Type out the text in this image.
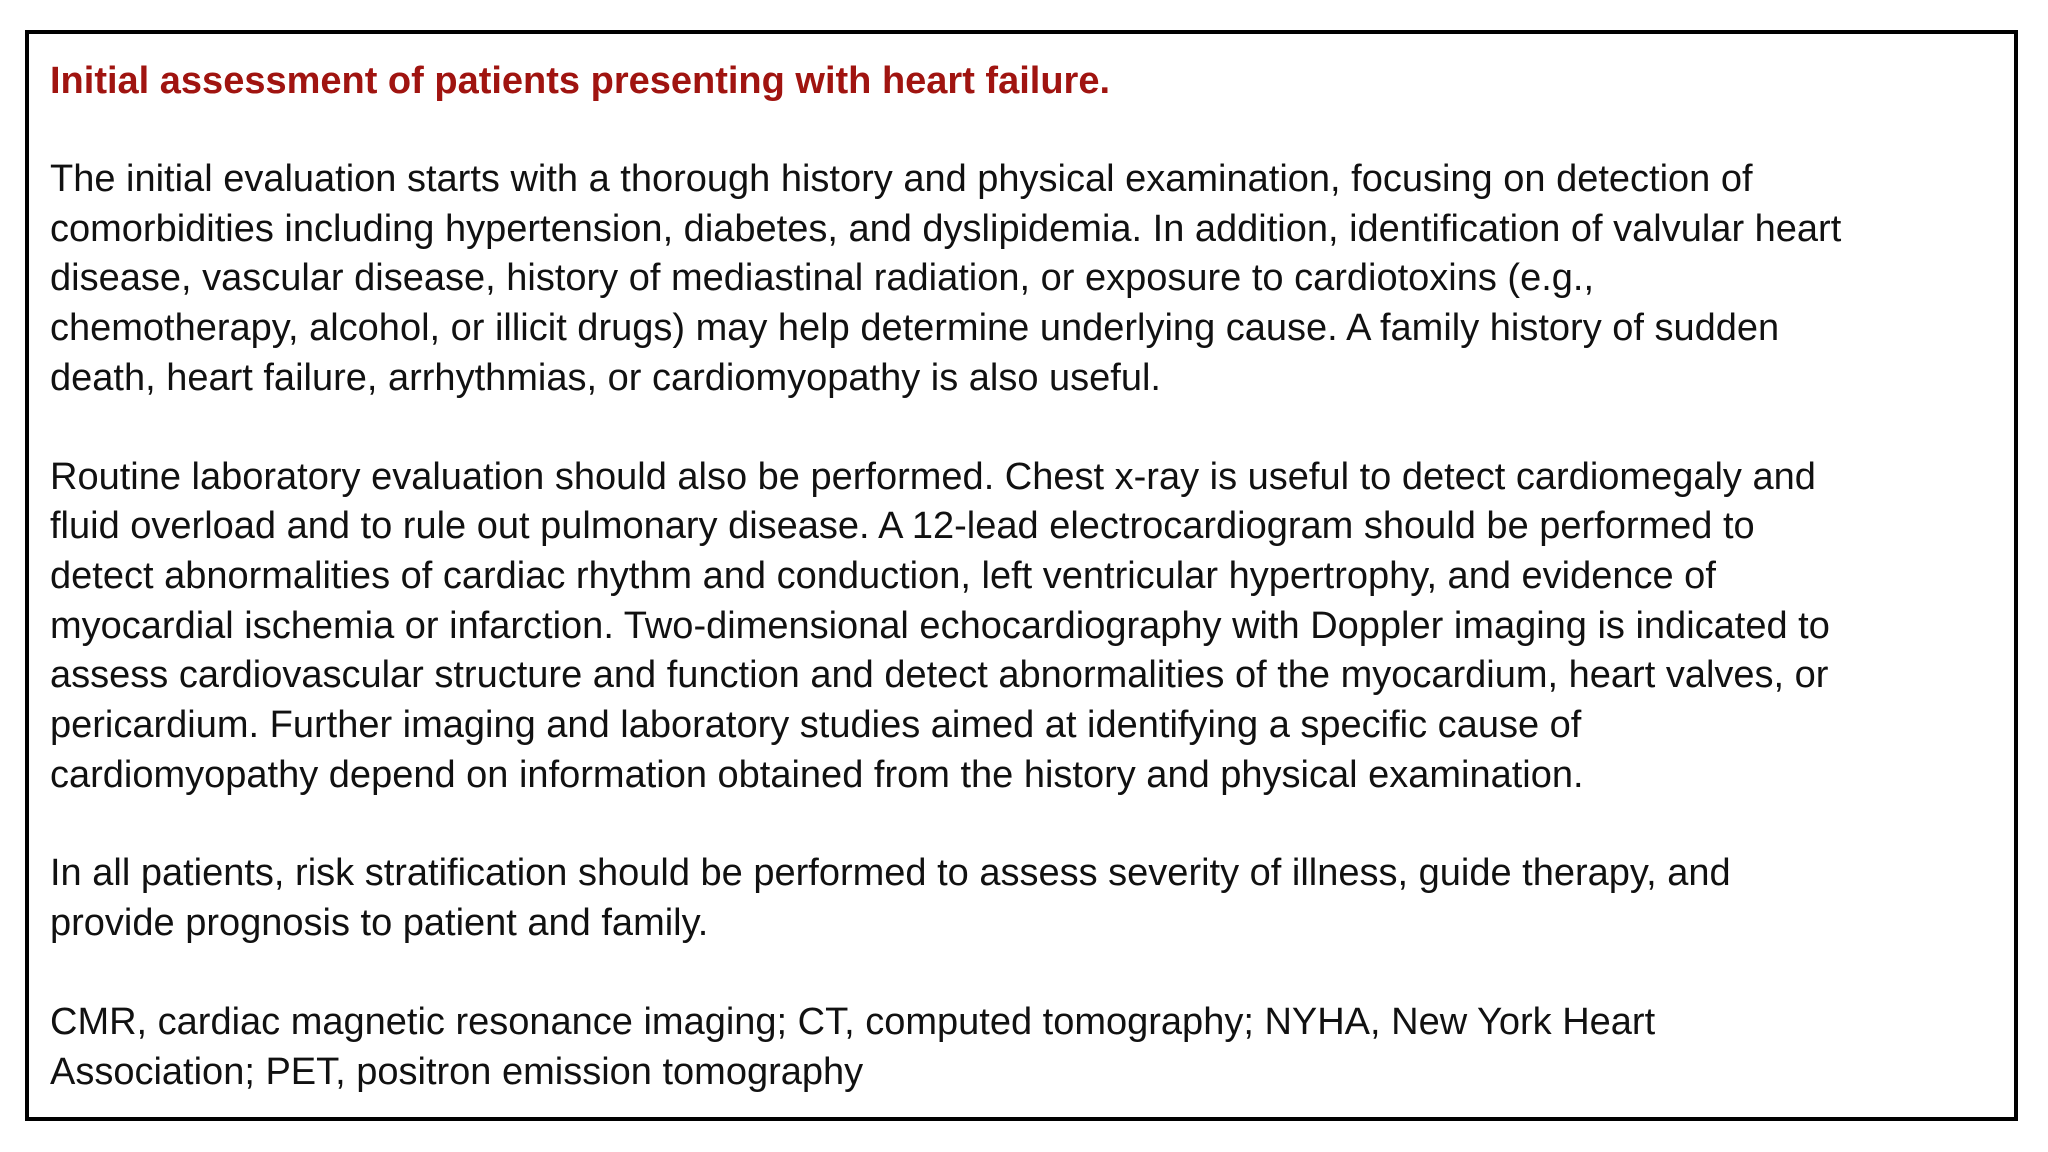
Initial assessment of patients presenting with heart failure.

The initial evaluation starts with a thorough history and physical examination, focusing on detection of
comorbidities including hypertension, diabetes, and dyslipidemia. In addition, identification of valvular heart
disease, vascular disease, history of mediastinal radiation, or exposure to cardiotoxins (e.g.,
chemotherapy, alcohol, or illicit drugs) may help determine underlying cause. A family history of sudden
death, heart failure, arrhythmias, or cardiomyopathy is also useful.

Routine laboratory evaluation should also be performed. Chest x-ray is useful to detect cardiomegaly and
fluid overload and to rule out pulmonary disease. A 12-lead electrocardiogram should be performed to
detect abnormalities of cardiac rhythm and conduction, left ventricular hypertrophy, and evidence of
myocardial ischemia or infarction. Two-dimensional echocardiography with Doppler imaging is indicated to
assess cardiovascular structure and function and detect abnormalities of the myocardium, heart valves, or
pericardium. Further imaging and laboratory studies aimed at identifying a specific cause of
cardiomyopathy depend on information obtained from the history and physical examination.

In all patients, risk stratification should be performed to assess severity of illness, guide therapy, and
provide prognosis to patient and family.

CMR, cardiac magnetic resonance imaging; CT, computed tomography; NYHA, New York Heart
Association; PET, positron emission tomography
